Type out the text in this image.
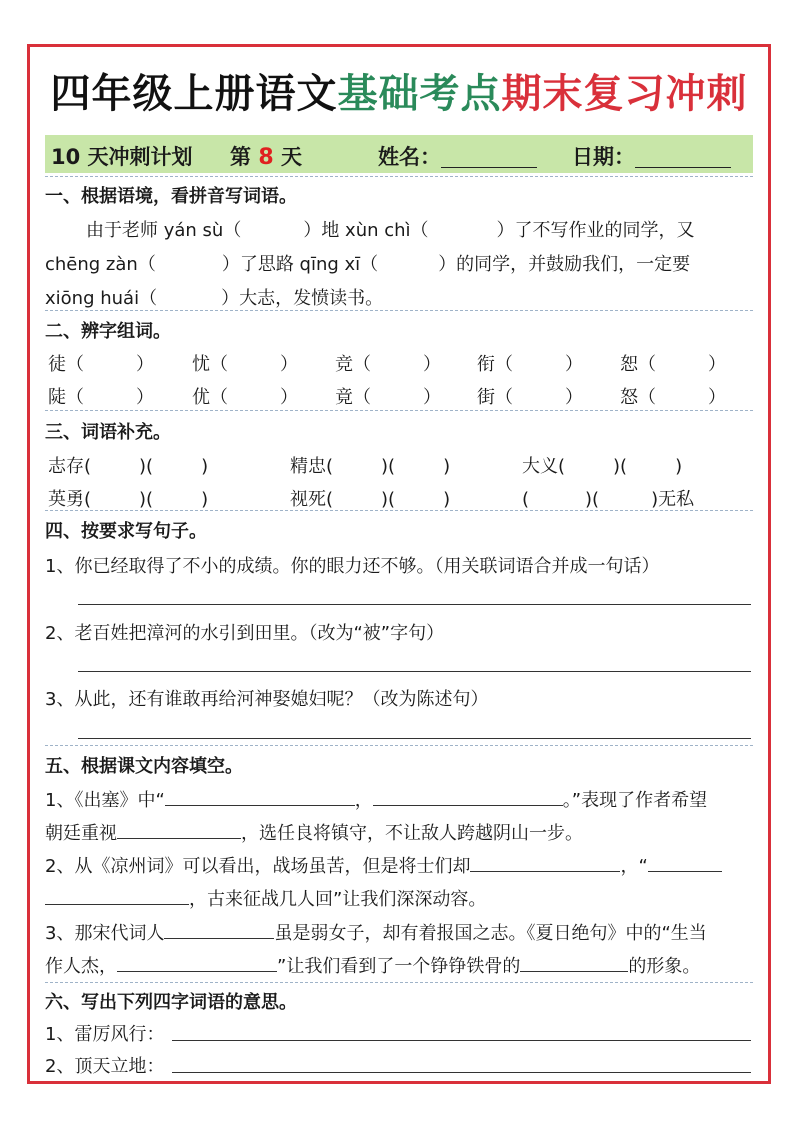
四年级上册语文基础考点期末复习冲刺
10 天冲刺计划 第 8 天	姓名：	日期：
一、根据语境，看拼音写词语。
由于老师 yán sù（	）地 xùn chì（	）了不写作业的同学，又
chēng zàn（	）了思路 qīng xī（	）的同学，并鼓励我们，一定要
xiōng huái（	）大志，发愤读书。
二、辨字组词。
徒（	） 忧（	） 竞（	） 衔（	） 恕（	）
陡（	） 优（	） 竟（	） 街（	） 怒（	）
三、词语补充。
志存(	)(	)	精忠(	)(	)	大义(	)(	)
英勇(	)(	)	视死(	)(	)	(	)(	)无私
四、按要求写句子。
1、你已经取得了不小的成绩。你的眼力还不够。（用关联词语合并成一句话）
2、老百姓把漳河的水引到田里。（改为“被”字句）
3、从此，还有谁敢再给河神娶媳妇呢？（改为陈述句）
五、根据课文内容填空。
1、《出塞》中“	，	。”表现了作者希望
朝廷重视	，选任良将镇守，不让敌人跨越阴山一步。
2、从《凉州词》可以看出，战场虽苦，但是将士们却	，“
，古来征战几人回”让我们深深动容。
3、那宋代词人	虽是弱女子，却有着报国之志。《夏日绝句》中的“生当
作人杰，	”让我们看到了一个铮铮铁骨的	的形象。
六、写出下列四字词语的意思。
1、雷厉风行：
2、顶天立地：
